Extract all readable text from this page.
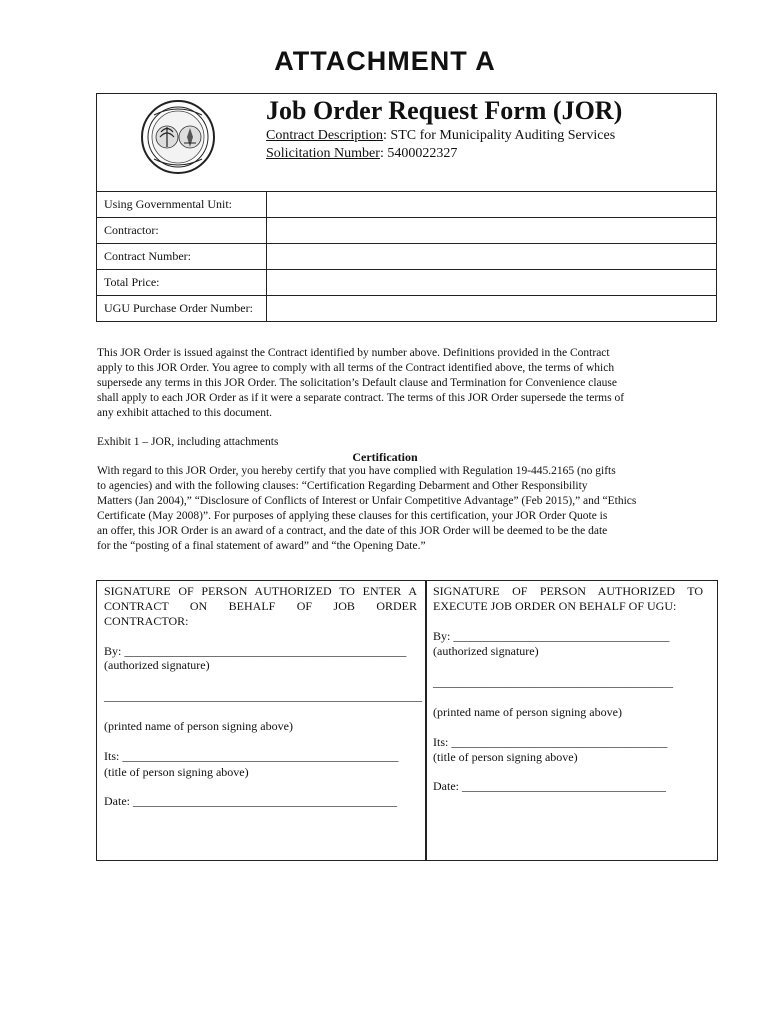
ATTACHMENT A
Job Order Request Form (JOR)
Contract Description: STC for Municipality Auditing Services
Solicitation Number: 5400022327
Using Governmental Unit:	
Contractor:	
Contract Number:	
Total Price:	
UGU Purchase Order Number:	
This JOR Order is issued against the Contract identified by number above. Definitions provided in the Contract
apply to this JOR Order. You agree to comply with all terms of the Contract identified above, the terms of which
supersede any terms in this JOR Order. The solicitation’s Default clause and Termination for Convenience clause
shall apply to each JOR Order as if it were a separate contract. The terms of this JOR Order supersede the terms of
any exhibit attached to this document.
Exhibit 1 – JOR, including attachments
Certification
With regard to this JOR Order, you hereby certify that you have complied with Regulation 19-445.2165 (no gifts
to agencies) and with the following clauses: “Certification Regarding Debarment and Other Responsibility
Matters (Jan 2004),” “Disclosure of Conflicts of Interest or Unfair Competitive Advantage” (Feb 2015),” and “Ethics
Certificate (May 2008)”. For purposes of applying these clauses for this certification, your JOR Order Quote is
an offer, this JOR Order is an award of a contract, and the date of this JOR Order will be deemed to be the date
for the “posting of a final statement of award” and “the Opening Date.”
SIGNATURE OF PERSON AUTHORIZED TO ENTER A
CONTRACT ON BEHALF OF JOB ORDER
CONTRACTOR:
By: _______________________________________________
(authorized signature)
_____________________________________________________
(printed name of person signing above)
Its: ______________________________________________
(title of person signing above)
Date: ____________________________________________
SIGNATURE OF PERSON AUTHORIZED TO
EXECUTE JOB ORDER ON BEHALF OF UGU:
By: ____________________________________
(authorized signature)
________________________________________
(printed name of person signing above)
Its: ____________________________________
(title of person signing above)
Date: __________________________________
